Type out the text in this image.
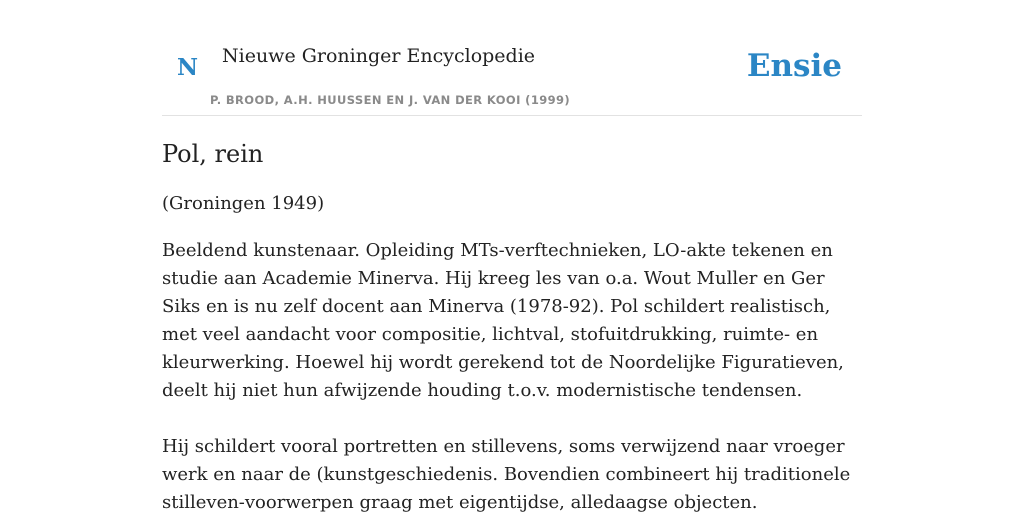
N Nieuwe Groninger Encyclopedie
P. BROOD, A.H. HUUSSEN EN J. VAN DER KOOI (1999)
Ensie
Pol, rein

(Groningen 1949)

Beeldend kunstenaar. Opleiding MTs-verftechnieken, LO-akte tekenen en studie aan Academie Minerva. Hij kreeg les van o.a. Wout Muller en Ger Siks en is nu zelf docent aan Minerva (1978-92). Pol schildert realistisch, met veel aandacht voor compositie, lichtval, stofuitdrukking, ruimte- en kleurwerking. Hoewel hij wordt gerekend tot de Noordelijke Figuratieven, deelt hij niet hun afwijzende houding t.o.v. modernistische tendensen.

Hij schildert vooral portretten en stillevens, soms verwijzend naar vroeger werk en naar de (kunstgeschiedenis. Bovendien combineert hij traditionele stilleven-voorwerpen graag met eigentijdse, alledaagse objecten.
